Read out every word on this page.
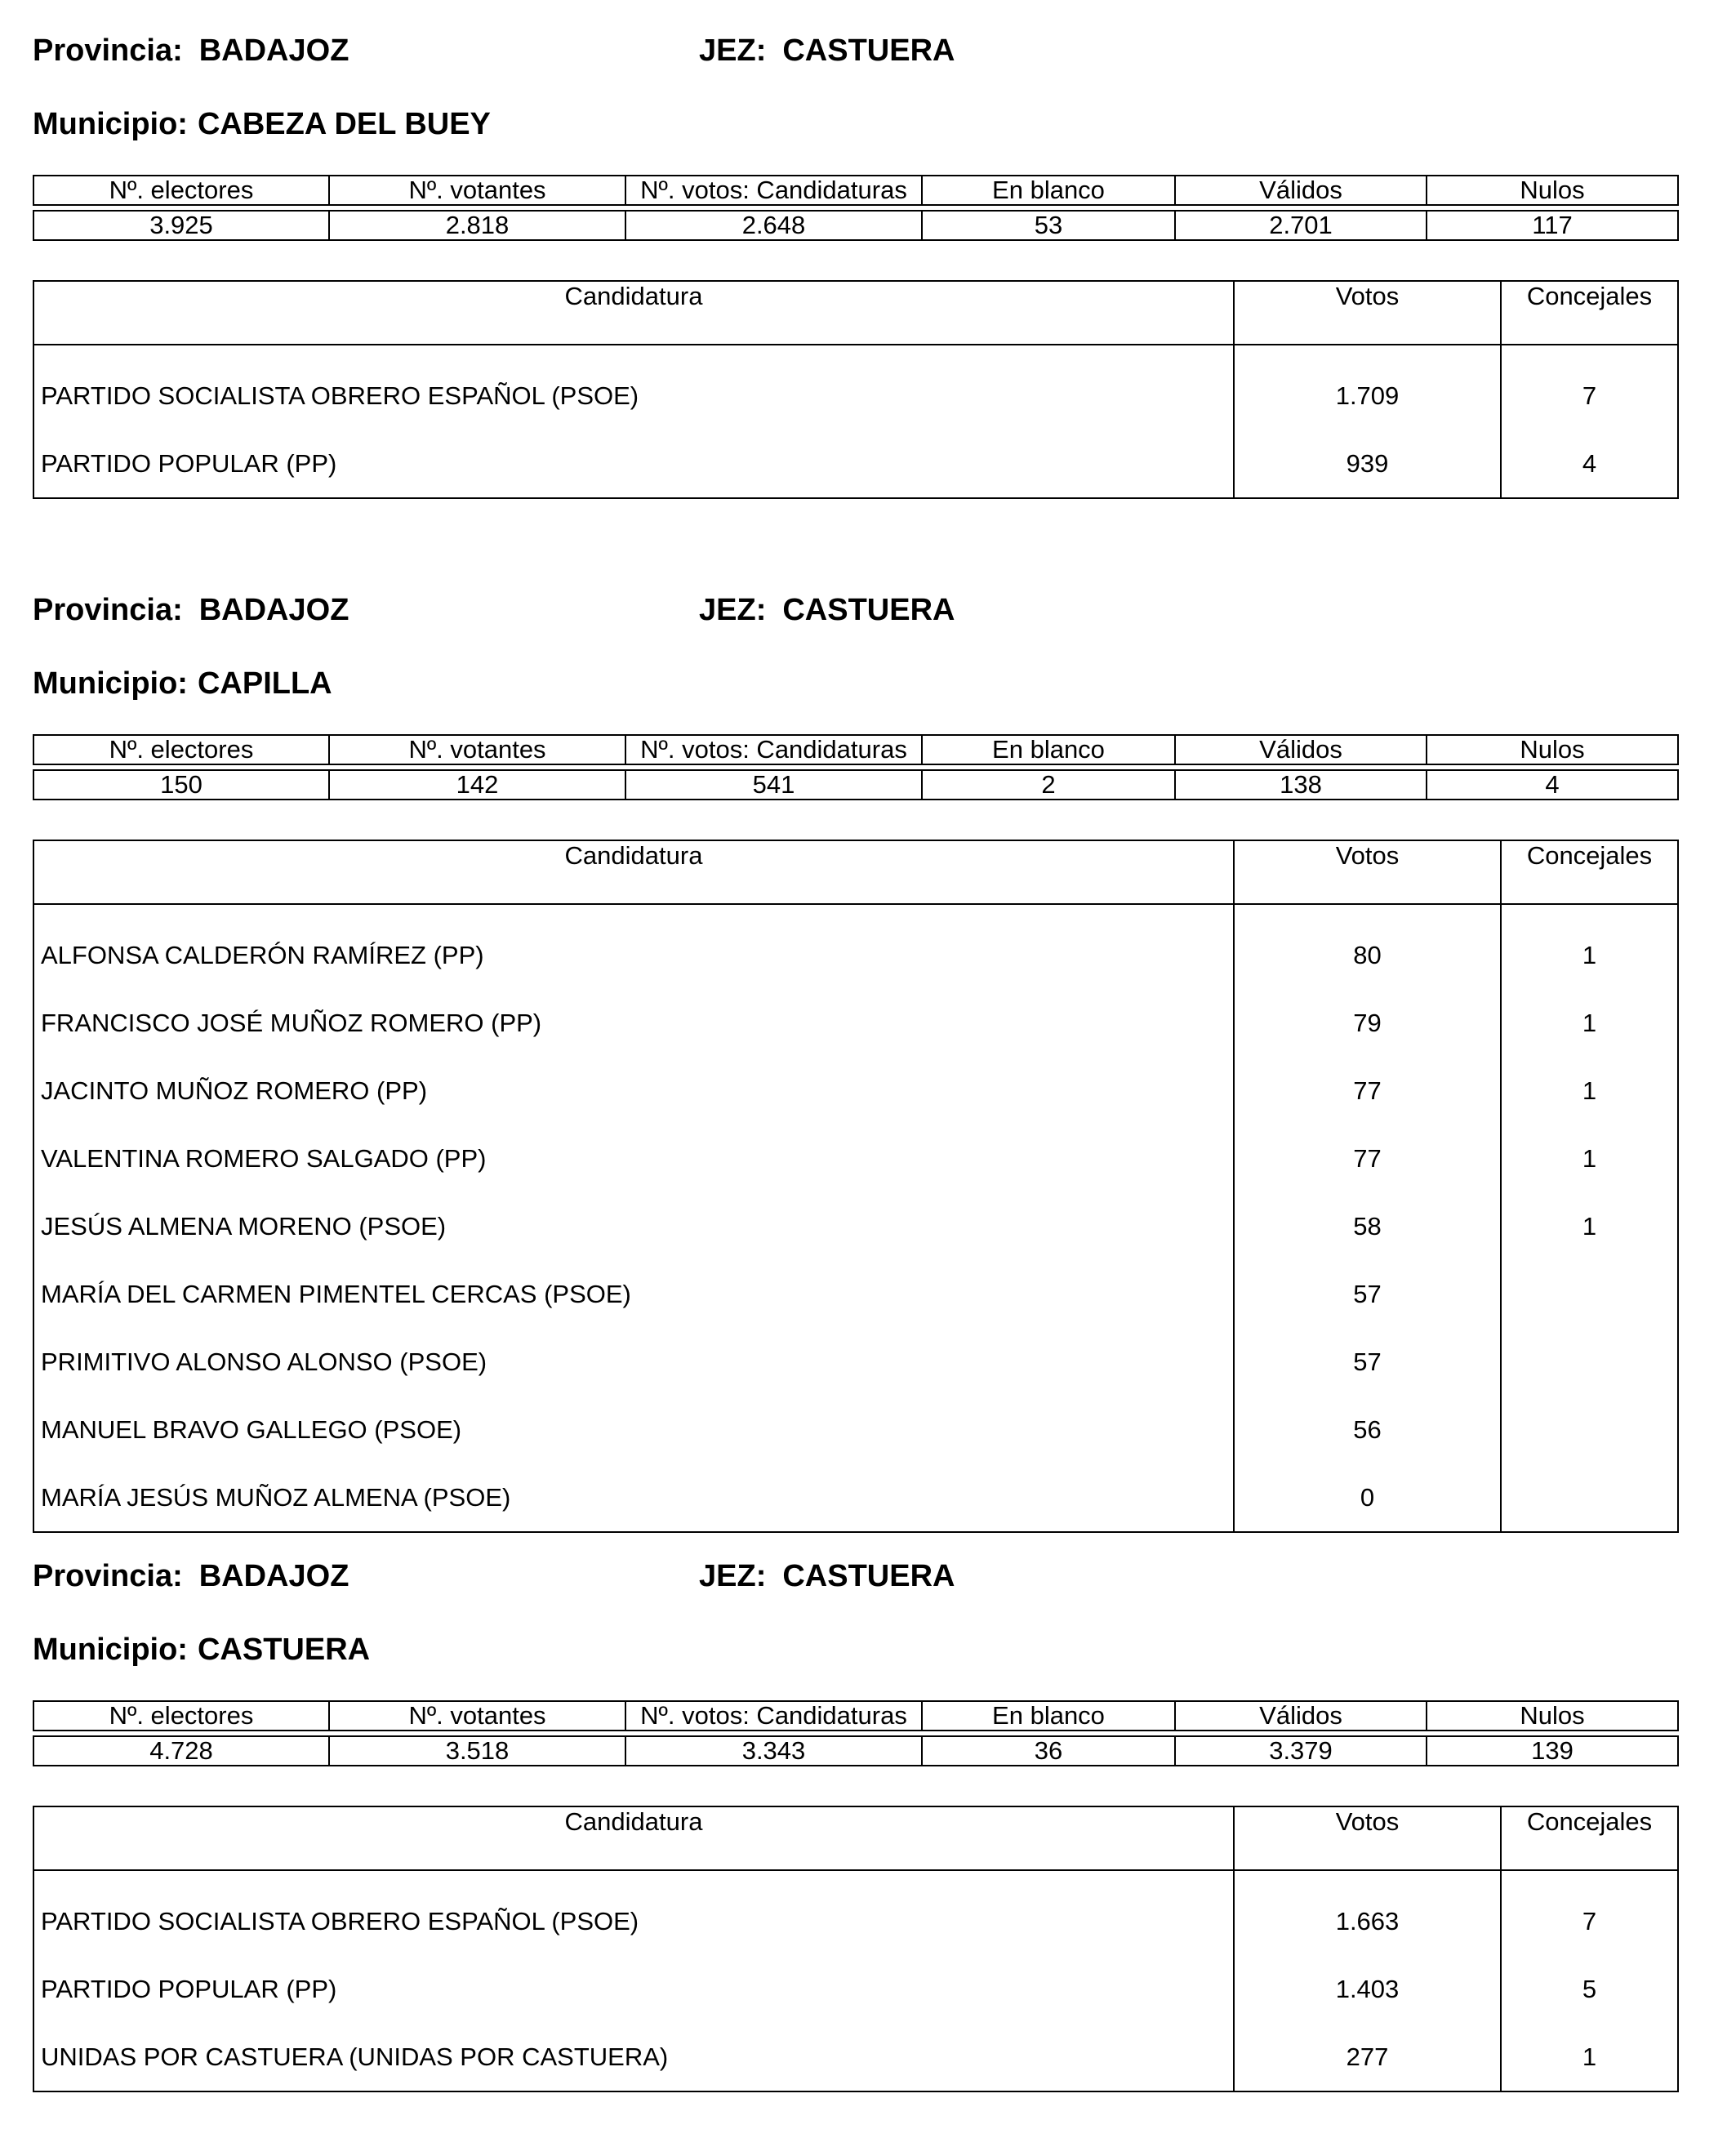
Provincia: BADAJOZ	JEZ: CASTUERA
Municipio: CABEZA DEL BUEY
Nº. electores	Nº. votantes	Nº. votos: Candidaturas	En blanco	Válidos	Nulos
3.925	2.818	2.648	53	2.701	117
Candidatura	Votos	Concejales
PARTIDO SOCIALISTA OBRERO ESPAÑOL (PSOE)	1.709	7
PARTIDO POPULAR (PP)	939	4
Provincia: BADAJOZ	JEZ: CASTUERA
Municipio: CAPILLA
Nº. electores	Nº. votantes	Nº. votos: Candidaturas	En blanco	Válidos	Nulos
150	142	541	2	138	4
Candidatura	Votos	Concejales
ALFONSA CALDERÓN RAMÍREZ (PP)	80	1
FRANCISCO JOSÉ MUÑOZ ROMERO (PP)	79	1
JACINTO MUÑOZ ROMERO (PP)	77	1
VALENTINA ROMERO SALGADO (PP)	77	1
JESÚS ALMENA MORENO (PSOE)	58	1
MARÍA DEL CARMEN PIMENTEL CERCAS (PSOE)	57	
PRIMITIVO ALONSO ALONSO (PSOE)	57	
MANUEL BRAVO GALLEGO (PSOE)	56	
MARÍA JESÚS MUÑOZ ALMENA (PSOE)	0	
Provincia: BADAJOZ	JEZ: CASTUERA
Municipio: CASTUERA
Nº. electores	Nº. votantes	Nº. votos: Candidaturas	En blanco	Válidos	Nulos
4.728	3.518	3.343	36	3.379	139
Candidatura	Votos	Concejales
PARTIDO SOCIALISTA OBRERO ESPAÑOL (PSOE)	1.663	7
PARTIDO POPULAR (PP)	1.403	5
UNIDAS POR CASTUERA (UNIDAS POR CASTUERA)	277	1
